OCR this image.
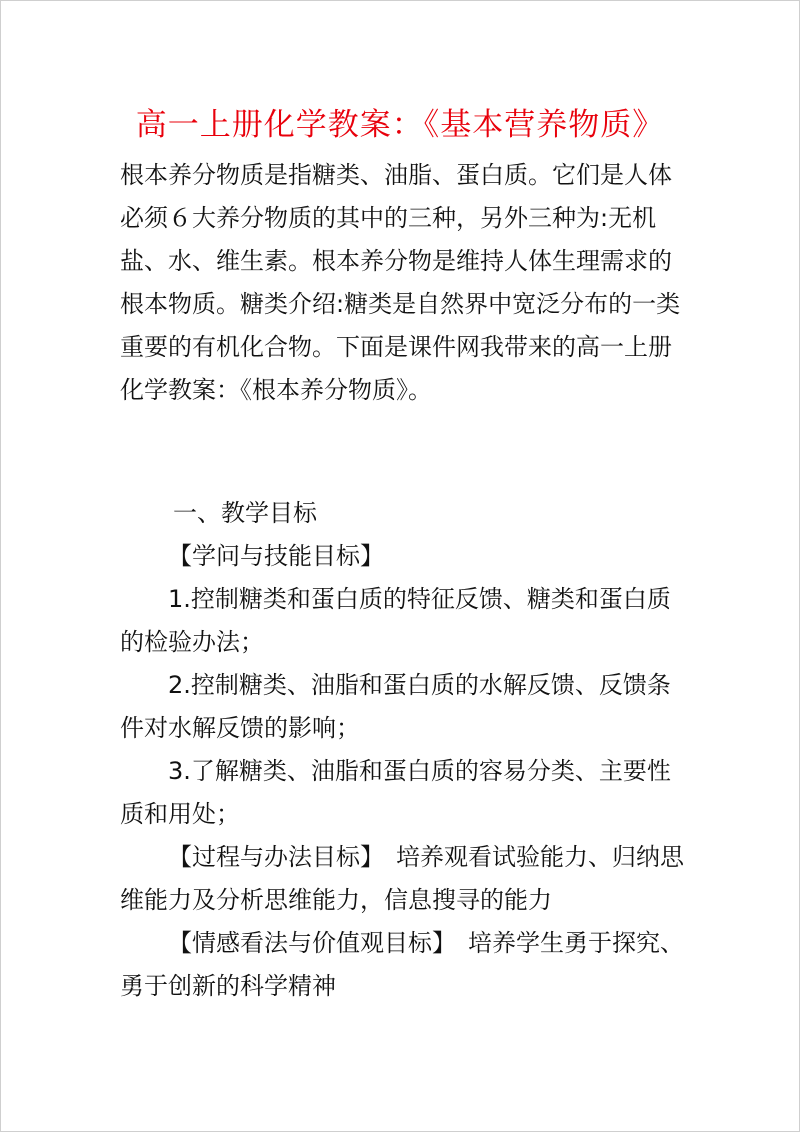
高一上册化学教案：《基本营养物质》

根本养分物质是指糖类、油脂、蛋白质。它们是人体必须６大养分物质的其中的三种，另外三种为:无机盐、水、维生素。根本养分物是维持人体生理需求的根本物质。糖类介绍:糖类是自然界中宽泛分布的一类重要的有机化合物。下面是课件网我带来的高一上册化学教案：《根本养分物质》。

一、教学目标

【学问与技能目标】

1.控制糖类和蛋白质的特征反馈、糖类和蛋白质的检验办法；

2.控制糖类、油脂和蛋白质的水解反馈、反馈条件对水解反馈的影响；

3.了解糖类、油脂和蛋白质的容易分类、主要性质和用处；

【过程与办法目标】　培养观看试验能力、归纳思维能力及分析思维能力，信息搜寻的能力

【情感看法与价值观目标】　培养学生勇于探究、勇于创新的科学精神
